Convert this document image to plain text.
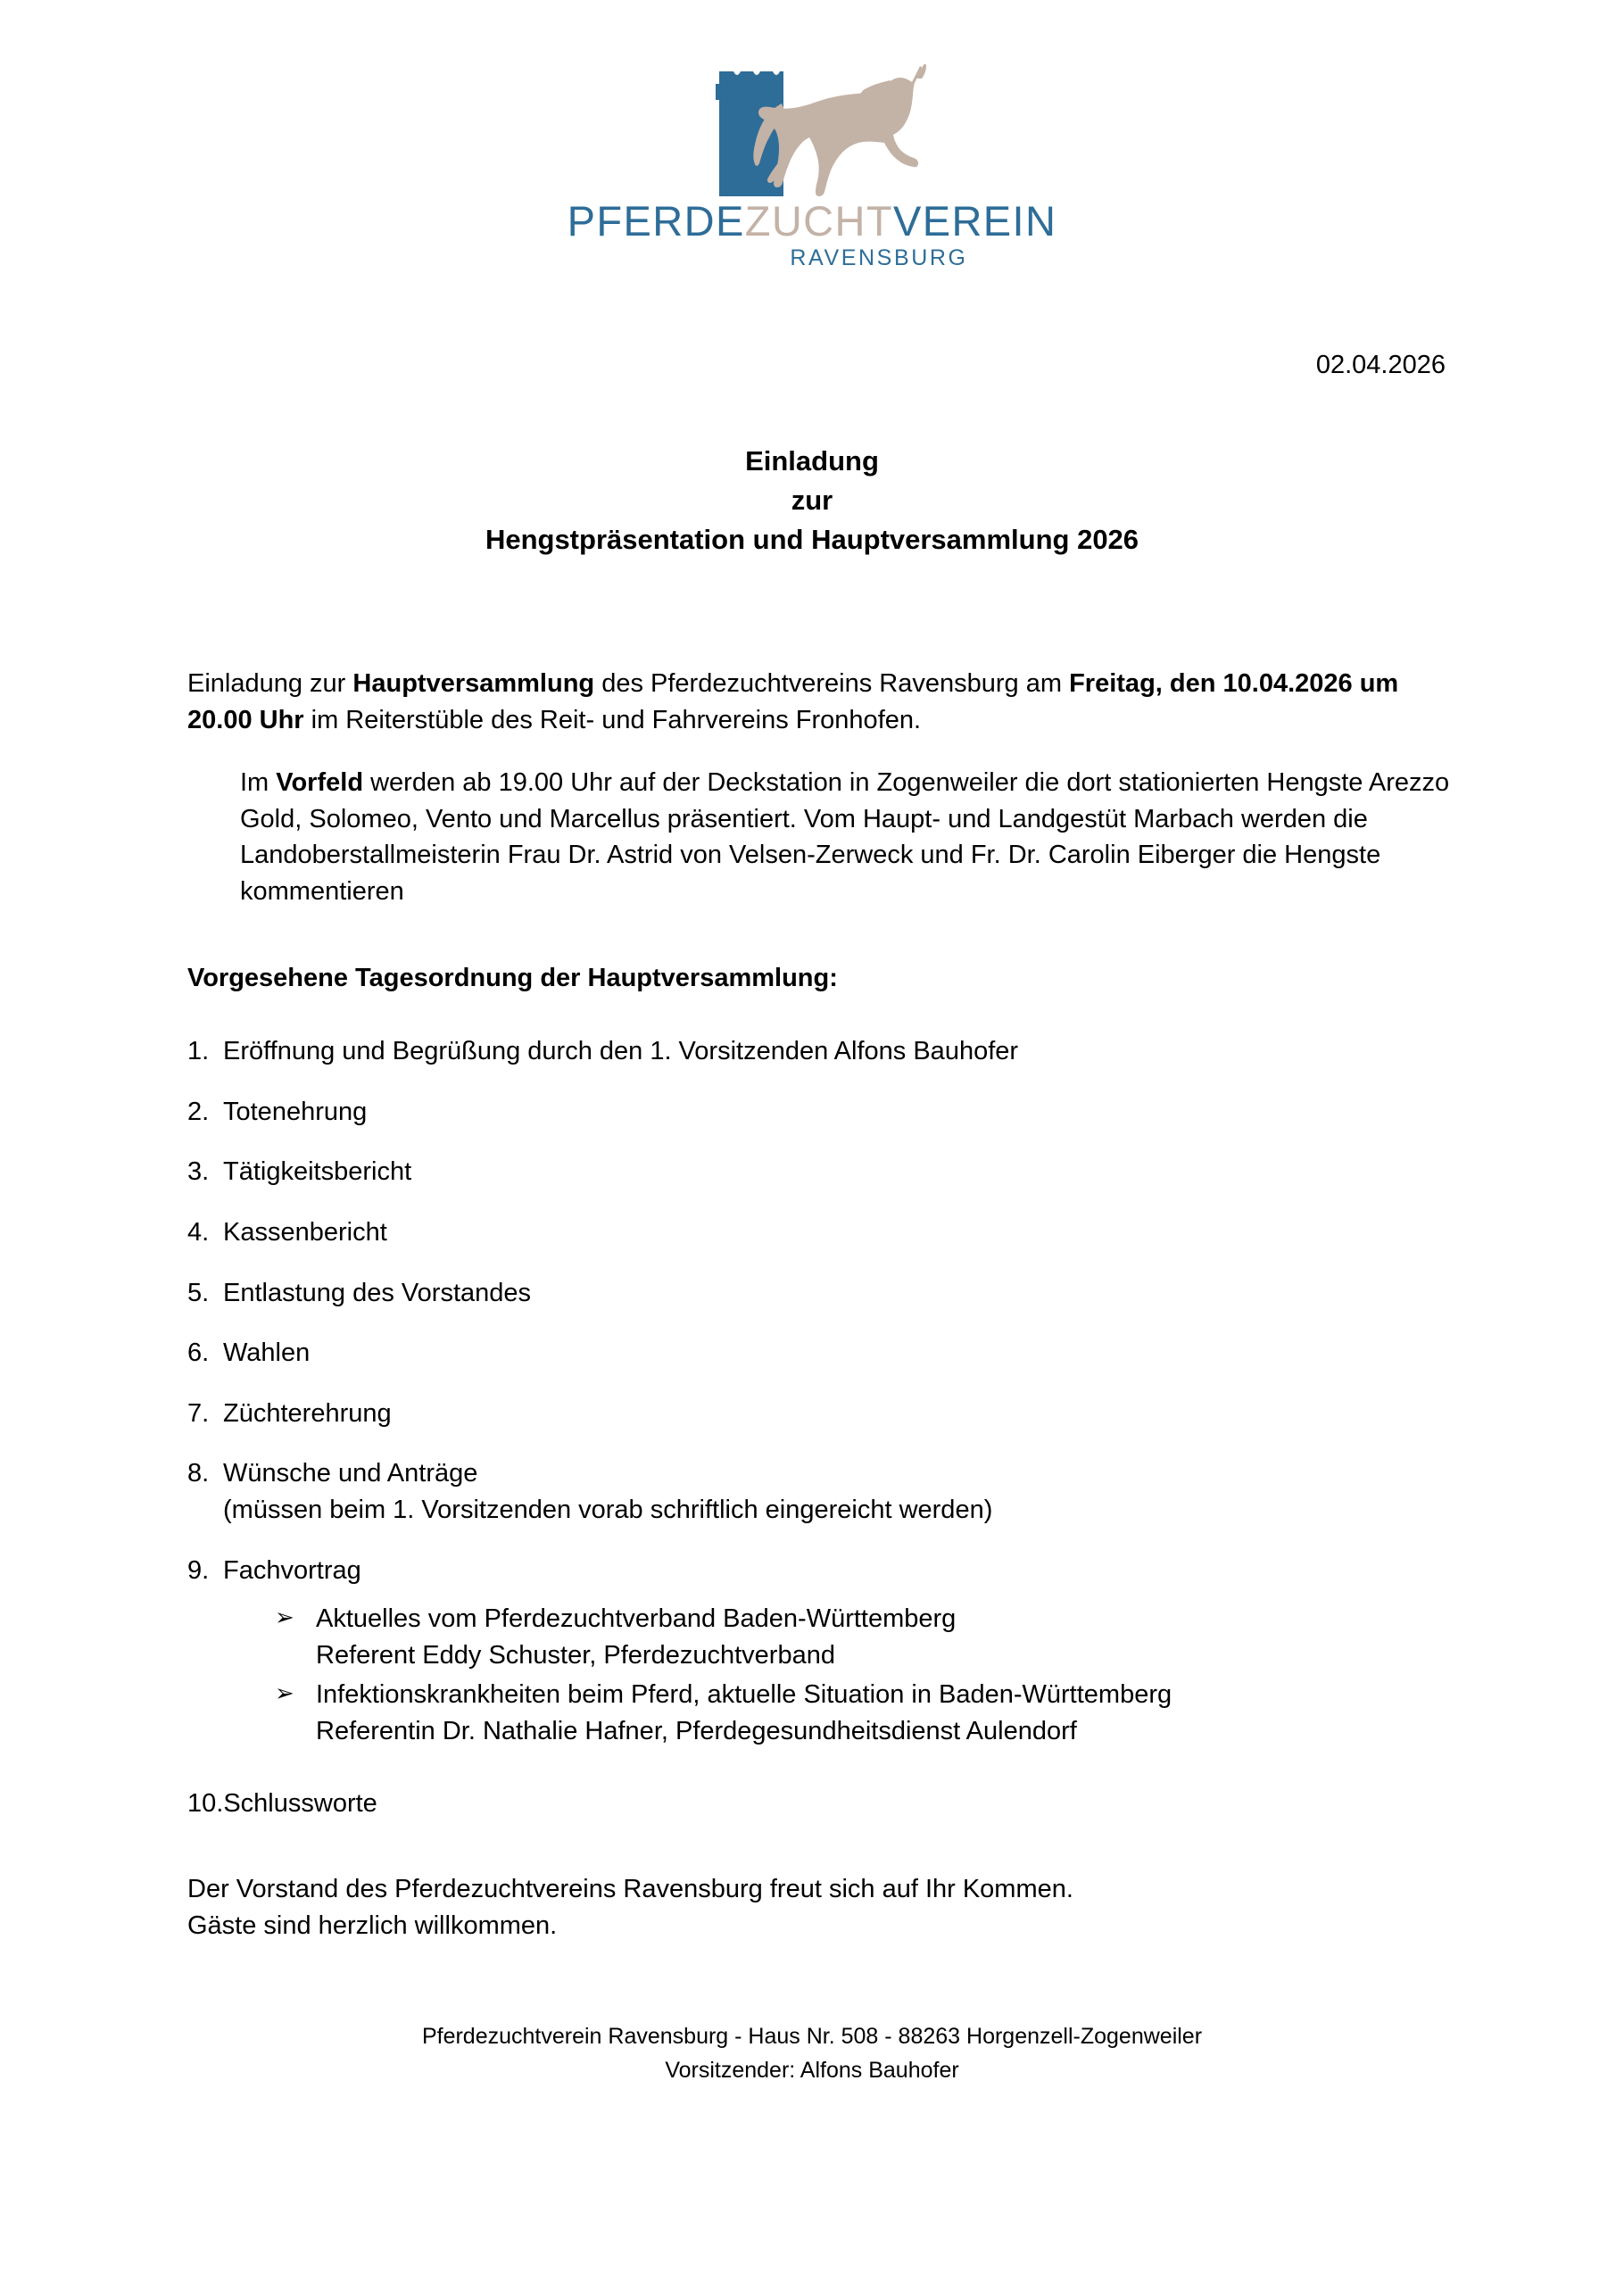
PFERDEZUCHTVEREIN
RAVENSBURG
02.04.2026
Einladung
zur
Hengstpräsentation und Hauptversammlung 2026

Einladung zur Hauptversammlung des Pferdezuchtvereins Ravensburg am Freitag, den 10.04.2026 um 20.00 Uhr im Reiterstüble des Reit- und Fahrvereins Fronhofen.

Im Vorfeld werden ab 19.00 Uhr auf der Deckstation in Zogenweiler die dort stationierten Hengste Arezzo Gold, Solomeo, Vento und Marcellus präsentiert. Vom Haupt- und Landgestüt Marbach werden die Landoberstallmeisterin Frau Dr. Astrid von Velsen-Zerweck und Fr. Dr. Carolin Eiberger die Hengste kommentieren

Vorgesehene Tagesordnung der Hauptversammlung:

1. Eröffnung und Begrüßung durch den 1. Vorsitzenden Alfons Bauhofer
2. Totenehrung
3. Tätigkeitsbericht
4. Kassenbericht
5. Entlastung des Vorstandes
6. Wahlen
7. Züchterehrung
8. Wünsche und Anträge
(müssen beim 1. Vorsitzenden vorab schriftlich eingereicht werden)
9. Fachvortrag
➢ Aktuelles vom Pferdezuchtverband Baden-Württemberg
Referent Eddy Schuster, Pferdezuchtverband
➢ Infektionskrankheiten beim Pferd, aktuelle Situation in Baden-Württemberg
Referentin Dr. Nathalie Hafner, Pferdegesundheitsdienst Aulendorf
10. Schlussworte

Der Vorstand des Pferdezuchtvereins Ravensburg freut sich auf Ihr Kommen.
Gäste sind herzlich willkommen.

Pferdezuchtverein Ravensburg - Haus Nr. 508 - 88263 Horgenzell-Zogenweiler
Vorsitzender: Alfons Bauhofer
